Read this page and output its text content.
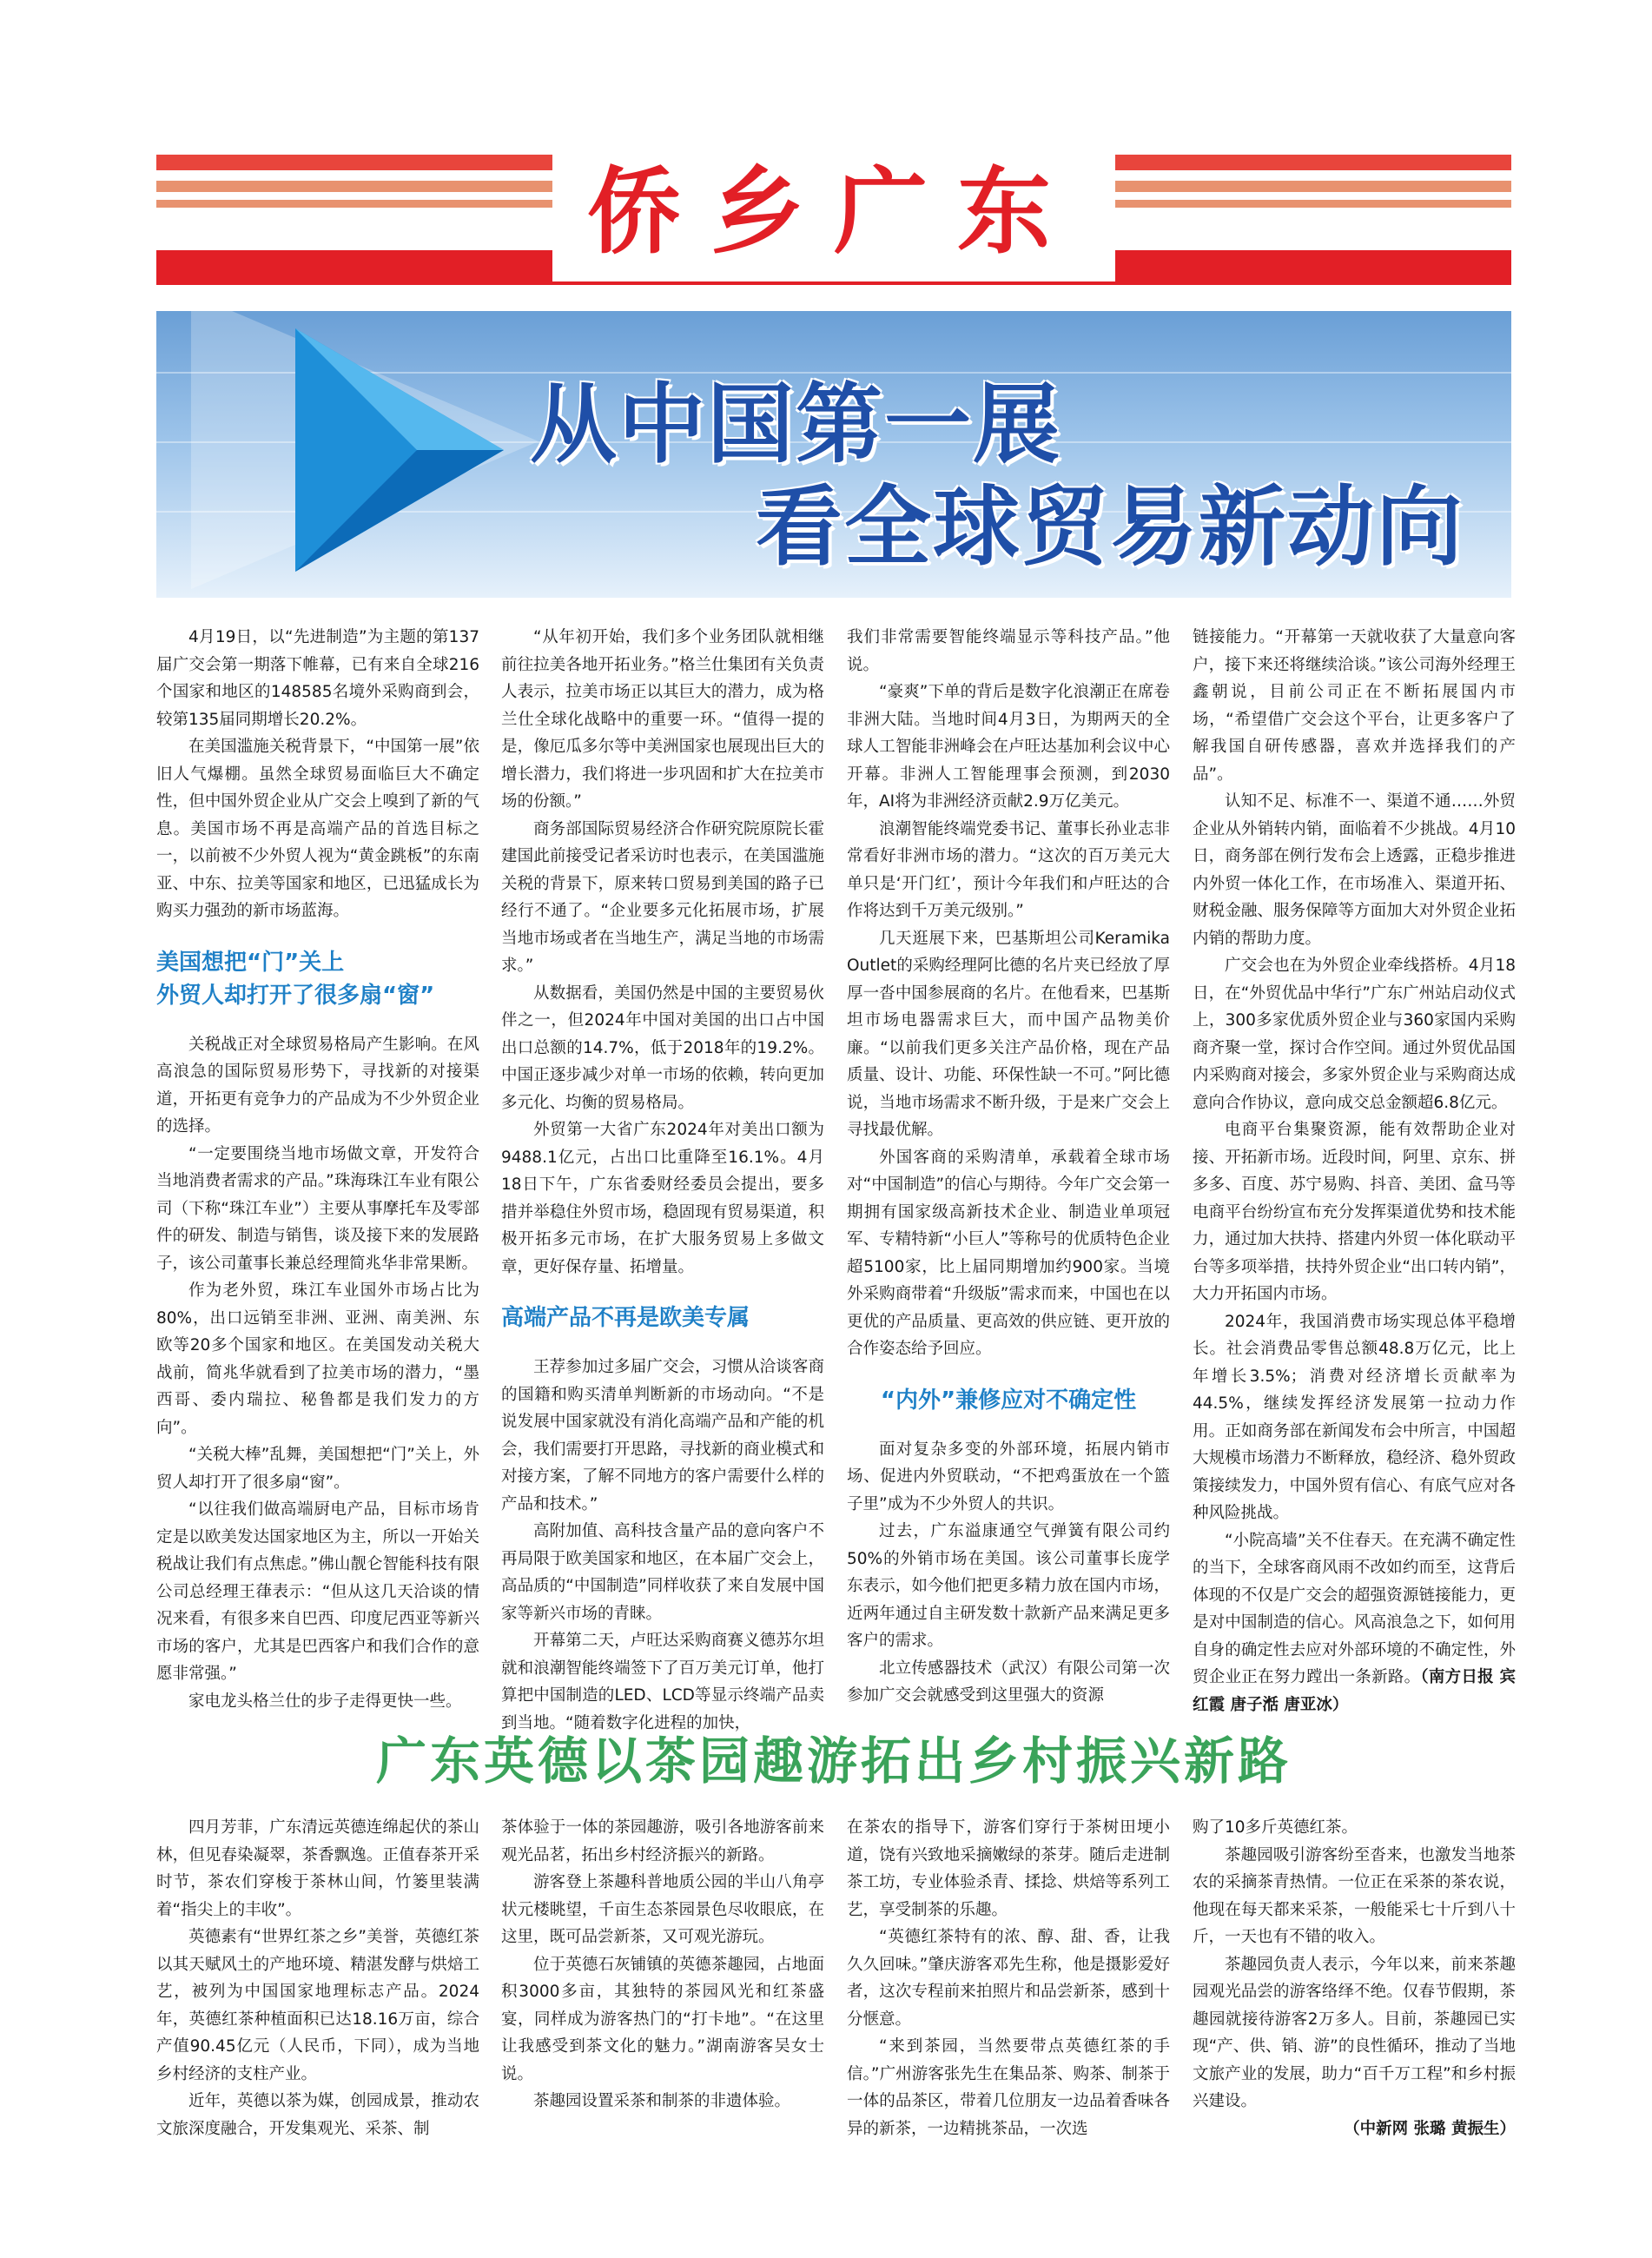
侨乡广东
从中国第一展
看全球贸易新动向

4月19日，以“先进制造”为主题的第137届广交会第一期落下帷幕，已有来自全球216个国家和地区的148585名境外采购商到会，较第135届同期增长20.2%。

在美国滥施关税背景下，“中国第一展”依旧人气爆棚。虽然全球贸易面临巨大不确定性，但中国外贸企业从广交会上嗅到了新的气息。美国市场不再是高端产品的首选目标之一，以前被不少外贸人视为“黄金跳板”的东南亚、中东、拉美等国家和地区，已迅猛成长为购买力强劲的新市场蓝海。

美国想把“门”关上
外贸人却打开了很多扇“窗”

关税战正对全球贸易格局产生影响。在风高浪急的国际贸易形势下，寻找新的对接渠道，开拓更有竞争力的产品成为不少外贸企业的选择。

“一定要围绕当地市场做文章，开发符合当地消费者需求的产品。”珠海珠江车业有限公司（下称“珠江车业”）主要从事摩托车及零部件的研发、制造与销售，谈及接下来的发展路子，该公司董事长兼总经理简兆华非常果断。

作为老外贸，珠江车业国外市场占比为80%，出口远销至非洲、亚洲、南美洲、东欧等20多个国家和地区。在美国发动关税大战前，简兆华就看到了拉美市场的潜力，“墨西哥、委内瑞拉、秘鲁都是我们发力的方向”。

“关税大棒”乱舞，美国想把“门”关上，外贸人却打开了很多扇“窗”。

“以往我们做高端厨电产品，目标市场肯定是以欧美发达国家地区为主，所以一开始关税战让我们有点焦虑。”佛山靓仑智能科技有限公司总经理王葎表示：“但从这几天洽谈的情况来看，有很多来自巴西、印度尼西亚等新兴市场的客户，尤其是巴西客户和我们合作的意愿非常强。”

家电龙头格兰仕的步子走得更快一些。

“从年初开始，我们多个业务团队就相继前往拉美各地开拓业务。”格兰仕集团有关负责人表示，拉美市场正以其巨大的潜力，成为格兰仕全球化战略中的重要一环。“值得一提的是，像厄瓜多尔等中美洲国家也展现出巨大的增长潜力，我们将进一步巩固和扩大在拉美市场的份额。”

商务部国际贸易经济合作研究院原院长霍建国此前接受记者采访时也表示，在美国滥施关税的背景下，原来转口贸易到美国的路子已经行不通了。“企业要多元化拓展市场，扩展当地市场或者在当地生产，满足当地的市场需求。”

从数据看，美国仍然是中国的主要贸易伙伴之一，但2024年中国对美国的出口占中国出口总额的14.7%，低于2018年的19.2%。中国正逐步减少对单一市场的依赖，转向更加多元化、均衡的贸易格局。

外贸第一大省广东2024年对美出口额为9488.1亿元，占出口比重降至16.1%。4月18日下午，广东省委财经委员会提出，要多措并举稳住外贸市场，稳固现有贸易渠道，积极开拓多元市场，在扩大服务贸易上多做文章，更好保存量、拓增量。

高端产品不再是欧美专属

王荐参加过多届广交会，习惯从洽谈客商的国籍和购买清单判断新的市场动向。“不是说发展中国家就没有消化高端产品和产能的机会，我们需要打开思路，寻找新的商业模式和对接方案，了解不同地方的客户需要什么样的产品和技术。”

高附加值、高科技含量产品的意向客户不再局限于欧美国家和地区，在本届广交会上，高品质的“中国制造”同样收获了来自发展中国家等新兴市场的青睐。

开幕第二天，卢旺达采购商赛义德苏尔坦就和浪潮智能终端签下了百万美元订单，他打算把中国制造的LED、LCD等显示终端产品卖到当地。“随着数字化进程的加快，

我们非常需要智能终端显示等科技产品。”他说。

“豪爽”下单的背后是数字化浪潮正在席卷非洲大陆。当地时间4月3日，为期两天的全球人工智能非洲峰会在卢旺达基加利会议中心开幕。非洲人工智能理事会预测，到2030年，AI将为非洲经济贡献2.9万亿美元。

浪潮智能终端党委书记、董事长孙业志非常看好非洲市场的潜力。“这次的百万美元大单只是‘开门红’，预计今年我们和卢旺达的合作将达到千万美元级别。”

几天逛展下来，巴基斯坦公司Keramika Outlet的采购经理阿比德的名片夹已经放了厚厚一沓中国参展商的名片。在他看来，巴基斯坦市场电器需求巨大，而中国产品物美价廉。“以前我们更多关注产品价格，现在产品质量、设计、功能、环保性缺一不可。”阿比德说，当地市场需求不断升级，于是来广交会上寻找最优解。

外国客商的采购清单，承载着全球市场对“中国制造”的信心与期待。今年广交会第一期拥有国家级高新技术企业、制造业单项冠军、专精特新“小巨人”等称号的优质特色企业超5100家，比上届同期增加约900家。当境外采购商带着“升级版”需求而来，中国也在以更优的产品质量、更高效的供应链、更开放的合作姿态给予回应。

“内外”兼修应对不确定性

面对复杂多变的外部环境，拓展内销市场、促进内外贸联动，“不把鸡蛋放在一个篮子里”成为不少外贸人的共识。

过去，广东溢康通空气弹簧有限公司约50%的外销市场在美国。该公司董事长庞学东表示，如今他们把更多精力放在国内市场，近两年通过自主研发数十款新产品来满足更多客户的需求。

北立传感器技术（武汉）有限公司第一次参加广交会就感受到这里强大的资源

链接能力。“开幕第一天就收获了大量意向客户，接下来还将继续洽谈。”该公司海外经理王鑫朝说，目前公司正在不断拓展国内市场，“希望借广交会这个平台，让更多客户了解我国自研传感器，喜欢并选择我们的产品”。

认知不足、标准不一、渠道不通……外贸企业从外销转内销，面临着不少挑战。4月10日，商务部在例行发布会上透露，正稳步推进内外贸一体化工作，在市场准入、渠道开拓、财税金融、服务保障等方面加大对外贸企业拓内销的帮助力度。

广交会也在为外贸企业牵线搭桥。4月18日，在“外贸优品中华行”广东广州站启动仪式上，300多家优质外贸企业与360家国内采购商齐聚一堂，探讨合作空间。通过外贸优品国内采购商对接会，多家外贸企业与采购商达成意向合作协议，意向成交总金额超6.8亿元。

电商平台集聚资源，能有效帮助企业对接、开拓新市场。近段时间，阿里、京东、拼多多、百度、苏宁易购、抖音、美团、盒马等电商平台纷纷宣布充分发挥渠道优势和技术能力，通过加大扶持、搭建内外贸一体化联动平台等多项举措，扶持外贸企业“出口转内销”，大力开拓国内市场。

2024年，我国消费市场实现总体平稳增长。社会消费品零售总额48.8万亿元，比上年增长3.5%；消费对经济增长贡献率为44.5%，继续发挥经济发展第一拉动力作用。正如商务部在新闻发布会中所言，中国超大规模市场潜力不断释放，稳经济、稳外贸政策接续发力，中国外贸有信心、有底气应对各种风险挑战。

“小院高墙”关不住春天。在充满不确定性的当下，全球客商风雨不改如约而至，这背后体现的不仅是广交会的超强资源链接能力，更是对中国制造的信心。风高浪急之下，如何用自身的确定性去应对外部环境的不确定性，外贸企业正在努力蹚出一条新路。（南方日报 宾红霞 唐子湉 唐亚冰）

广东英德以茶园趣游拓出乡村振兴新路

四月芳菲，广东清远英德连绵起伏的茶山林，但见春染凝翠，茶香飘逸。正值春茶开采时节，茶农们穿梭于茶林山间，竹篓里装满着“指尖上的丰收”。

英德素有“世界红茶之乡”美誉，英德红茶以其天赋风土的产地环境、精湛发酵与烘焙工艺，被列为中国国家地理标志产品。2024年，英德红茶种植面积已达18.16万亩，综合产值90.45亿元（人民币，下同），成为当地乡村经济的支柱产业。

近年，英德以茶为媒，创园成景，推动农文旅深度融合，开发集观光、采茶、制

茶体验于一体的茶园趣游，吸引各地游客前来观光品茗，拓出乡村经济振兴的新路。

游客登上茶趣科普地质公园的半山八角亭状元楼眺望，千亩生态茶园景色尽收眼底，在这里，既可品尝新茶，又可观光游玩。

位于英德石灰铺镇的英德茶趣园，占地面积3000多亩，其独特的茶园风光和红茶盛宴，同样成为游客热门的“打卡地”。“在这里让我感受到茶文化的魅力。”湖南游客吴女士说。

茶趣园设置采茶和制茶的非遗体验。

在茶农的指导下，游客们穿行于茶树田埂小道，饶有兴致地采摘嫩绿的茶芽。随后走进制茶工坊，专业体验杀青、揉捻、烘焙等系列工艺，享受制茶的乐趣。

“英德红茶特有的浓、醇、甜、香，让我久久回味。”肇庆游客邓先生称，他是摄影爱好者，这次专程前来拍照片和品尝新茶，感到十分惬意。

“来到茶园，当然要带点英德红茶的手信。”广州游客张先生在集品茶、购茶、制茶于一体的品茶区，带着几位朋友一边品着香味各异的新茶，一边精挑茶品，一次选

购了10多斤英德红茶。

茶趣园吸引游客纷至沓来，也激发当地茶农的采摘茶青热情。一位正在采茶的茶农说，他现在每天都来采茶，一般能采七十斤到八十斤，一天也有不错的收入。

茶趣园负责人表示，今年以来，前来茶趣园观光品尝的游客络绎不绝。仅春节假期，茶趣园就接待游客2万多人。目前，茶趣园已实现“产、供、销、游”的良性循环，推动了当地文旅产业的发展，助力“百千万工程”和乡村振兴建设。

（中新网 张璐 黄振生）
